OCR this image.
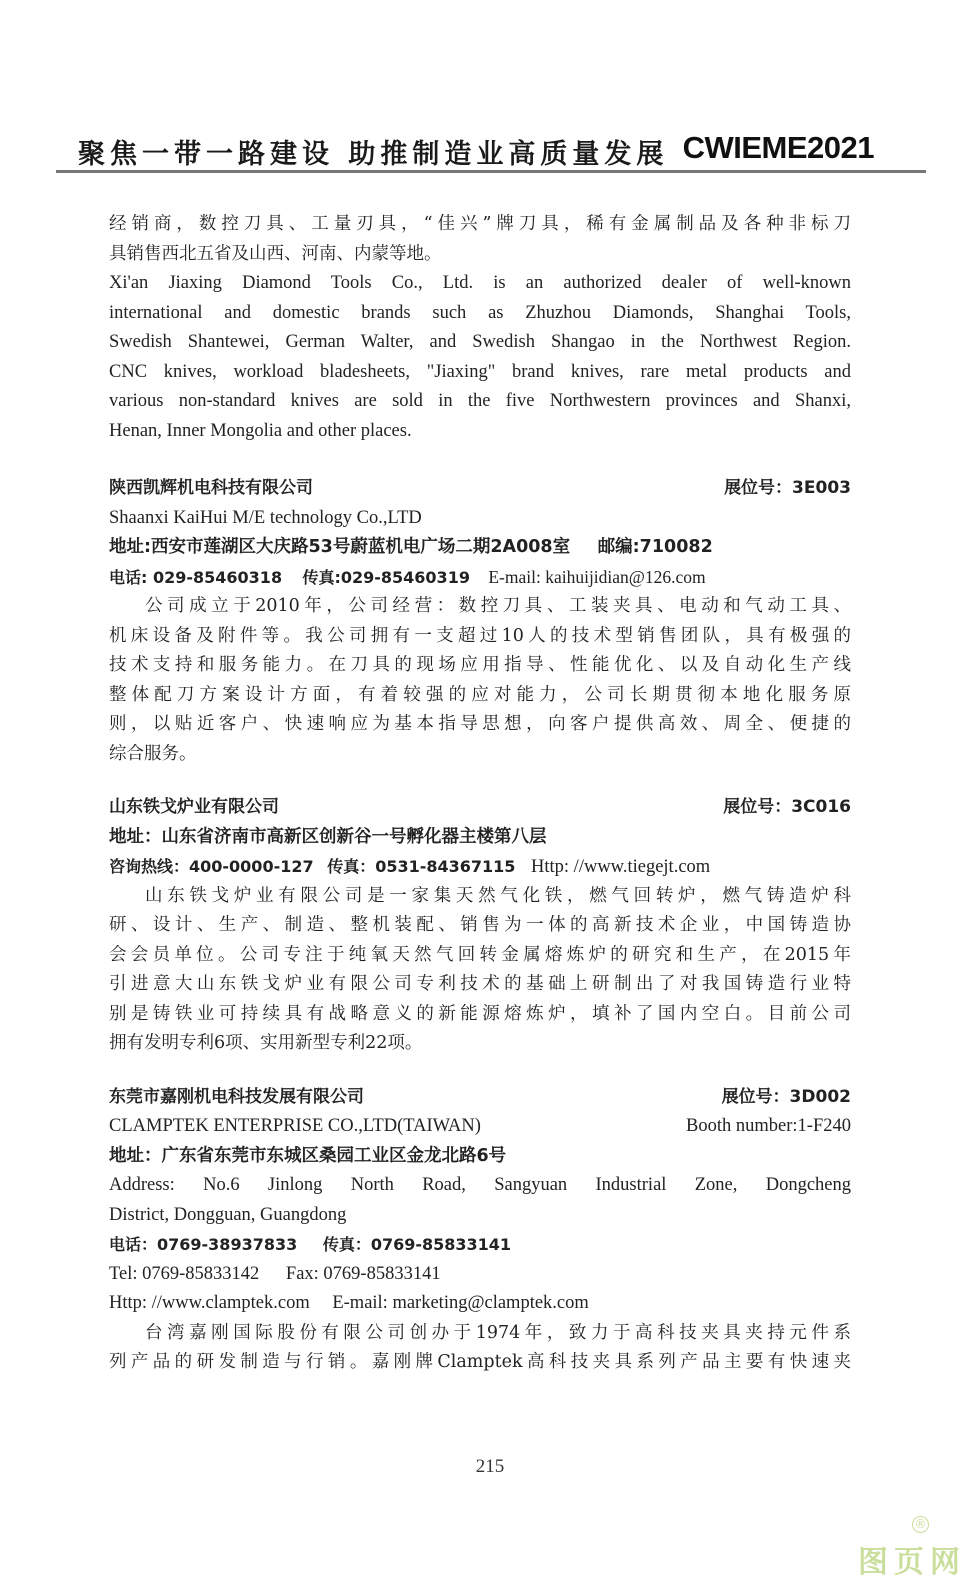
聚焦一带一路建设 助推制造业高质量发展 CWIEME2021
经销商，数控刀具、工量刃具，“佳兴”牌刀具，稀有金属制品及各种非标刀
具销售西北五省及山西、河南、内蒙等地。
Xi'an Jiaxing Diamond Tools Co., Ltd. is an authorized dealer of well-known
international and domestic brands such as Zhuzhou Diamonds, Shanghai Tools,
Swedish Shantewei, German Walter, and Swedish Shangao in the Northwest Region.
CNC knives, workload bladesheets, "Jiaxing" brand knives, rare metal products and
various non-standard knives are sold in the five Northwestern provinces and Shanxi,
Henan, Inner Mongolia and other places.
陕西凯辉机电科技有限公司	展位号：3E003
Shaanxi KaiHui M/E technology Co.,LTD
地址:西安市莲湖区大庆路53号蔚蓝机电广场二期2A008室 邮编:710082
电话: 029-85460318 传真:029-85460319 E-mail: kaihuijidian@126.com
公司成立于2010年，公司经营：数控刀具、工装夹具、电动和气动工具、
机床设备及附件等。我公司拥有一支超过10人的技术型销售团队，具有极强的
技术支持和服务能力。在刀具的现场应用指导、性能优化、以及自动化生产线
整体配刀方案设计方面，有着较强的应对能力，公司长期贯彻本地化服务原
则，以贴近客户、快速响应为基本指导思想，向客户提供高效、周全、便捷的
综合服务。
山东铁戈炉业有限公司	展位号：3C016
地址：山东省济南市高新区创新谷一号孵化器主楼第八层
咨询热线：400-0000-127 传真：0531-84367115 Http: //www.tiegejt.com
山东铁戈炉业有限公司是一家集天然气化铁，燃气回转炉，燃气铸造炉科
研、设计、生产、制造、整机装配、销售为一体的高新技术企业，中国铸造协
会会员单位。公司专注于纯氧天然气回转金属熔炼炉的研究和生产，在2015年
引进意大山东铁戈炉业有限公司专利技术的基础上研制出了对我国铸造行业特
别是铸铁业可持续具有战略意义的新能源熔炼炉，填补了国内空白。目前公司
拥有发明专利6项、实用新型专利22项。
东莞市嘉刚机电科技发展有限公司	展位号：3D002
CLAMPTEK ENTERPRISE CO.,LTD(TAIWAN)	Booth number:1-F240
地址：广东省东莞市东城区桑园工业区金龙北路6号
Address: No.6 Jinlong North Road, Sangyuan Industrial Zone, Dongcheng
District, Dongguan, Guangdong
电话：0769-38937833 传真：0769-85833141
Tel: 0769-85833142 Fax: 0769-85833141
Http: //www.clamptek.com E-mail: marketing@clamptek.com
台湾嘉刚国际股份有限公司创办于1974年，致力于高科技夹具夹持元件系
列产品的研发制造与行销。嘉刚牌Clamptek高科技夹具系列产品主要有快速夹
215
®
图页网
